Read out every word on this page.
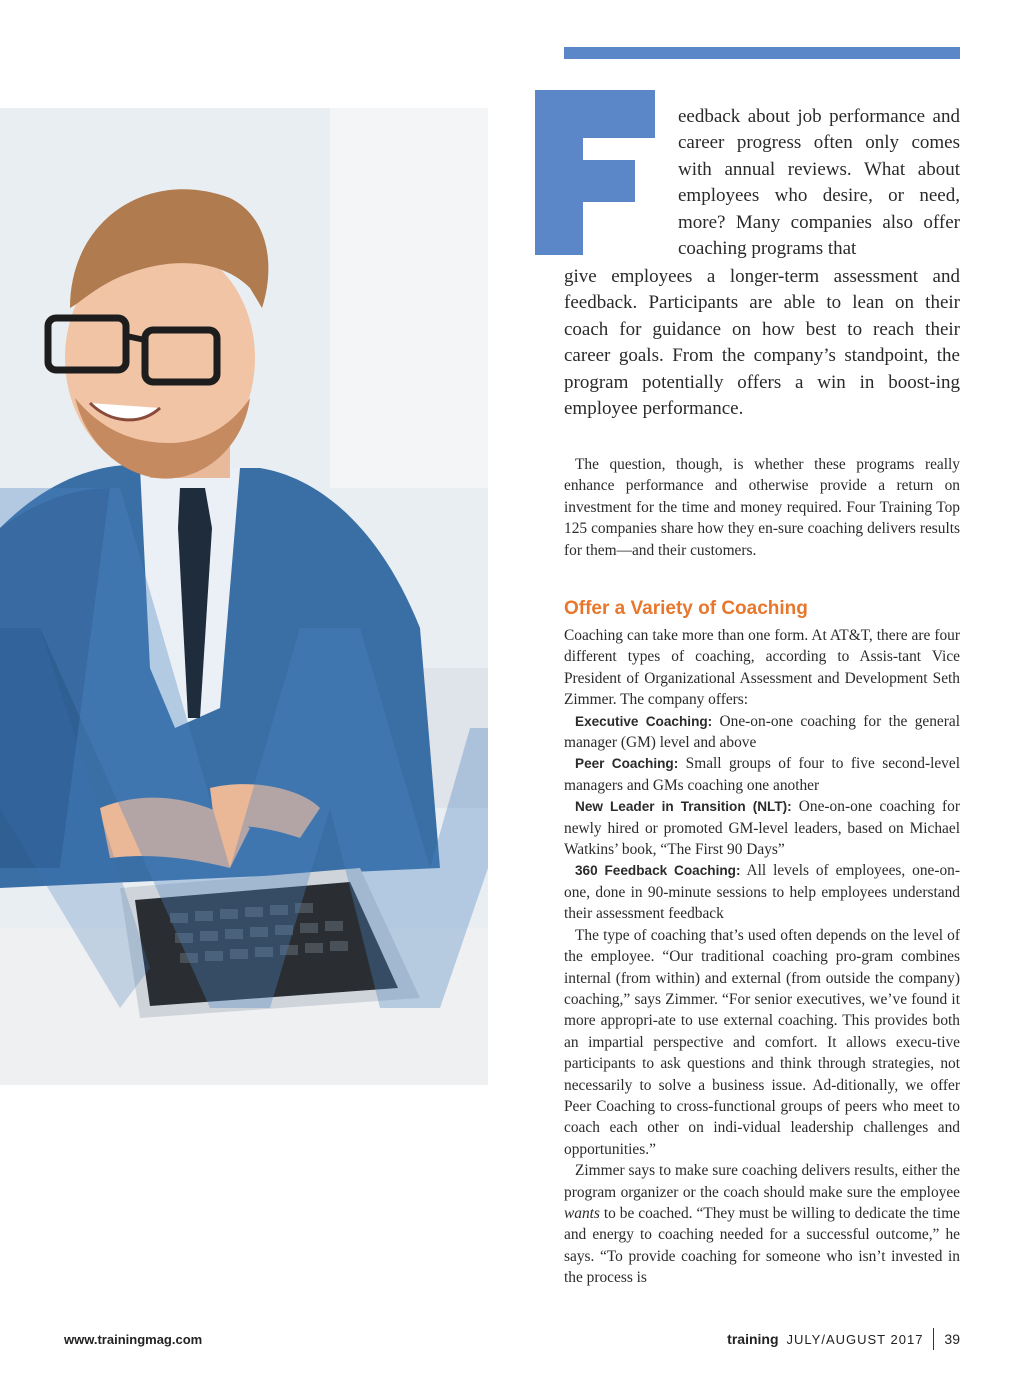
eedback about job performance and career progress often only comes with annual reviews. What about employees who desire, or need, more? Many companies also offer coaching programs that
give employees a longer-term assessment and feedback. Participants are able to lean on their coach for guidance on how best to reach their career goals. From the company’s standpoint, the program potentially offers a win in boost-ing employee performance.

The question, though, is whether these programs really enhance performance and otherwise provide a return on investment for the time and money required. Four Training Top 125 companies share how they en-sure coaching delivers results for them—and their customers.

Offer a Variety of Coaching

Coaching can take more than one form. At AT&T, there are four different types of coaching, according to Assis-tant Vice President of Organizational Assessment and Development Seth Zimmer. The company offers:

Executive Coaching: One-on-one coaching for the general manager (GM) level and above

Peer Coaching: Small groups of four to five second-level managers and GMs coaching one another

New Leader in Transition (NLT): One-on-one coaching for newly hired or promoted GM-level leaders, based on Michael Watkins’ book, “The First 90 Days”

360 Feedback Coaching: All levels of employees, one-on-one, done in 90-minute sessions to help employees understand their assessment feedback

The type of coaching that’s used often depends on the level of the employee. “Our traditional coaching pro-gram combines internal (from within) and external (from outside the company) coaching,” says Zimmer. “For senior executives, we’ve found it more appropri-ate to use external coaching. This provides both an impartial perspective and comfort. It allows execu-tive participants to ask questions and think through strategies, not necessarily to solve a business issue. Ad-ditionally, we offer Peer Coaching to cross-functional groups of peers who meet to coach each other on indi-vidual leadership challenges and opportunities.”

Zimmer says to make sure coaching delivers results, either the program organizer or the coach should make sure the employee wants to be coached. “They must be willing to dedicate the time and energy to coaching needed for a successful outcome,” he says. “To provide coaching for someone who isn’t invested in the process is

www.trainingmag.com	training JULY/AUGUST 2017 39
